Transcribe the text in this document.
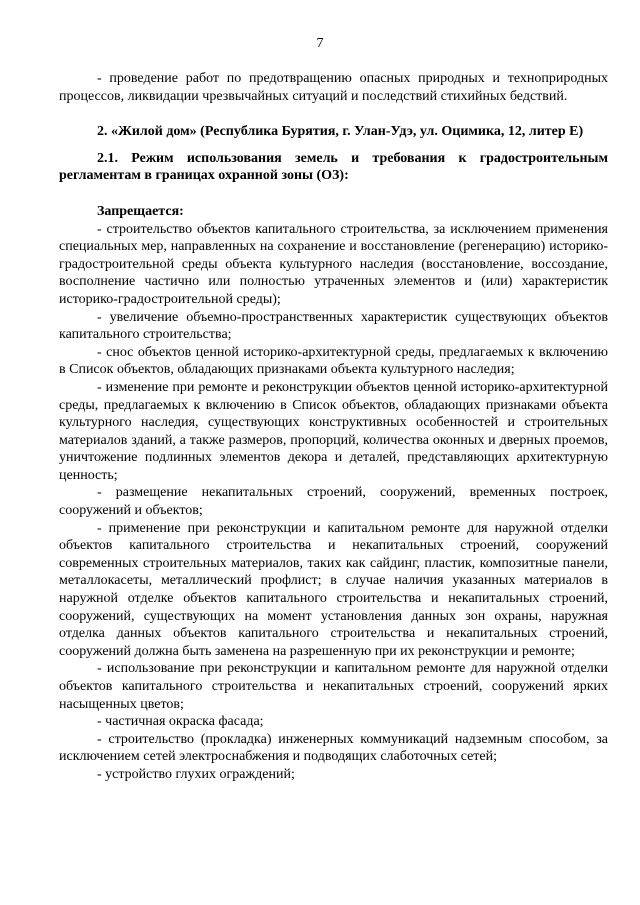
7

- проведение работ по предотвращению опасных природных и техноприродных процессов, ликвидации чрезвычайных ситуаций и последствий стихийных бедствий.

2. «Жилой дом» (Республика Бурятия, г. Улан-Удэ, ул. Оцимика, 12, литер Е)

2.1. Режим использования земель и требования к градостроительным регламентам в границах охранной зоны (ОЗ):

Запрещается:

- строительство объектов капитального строительства, за исключением применения специальных мер, направленных на сохранение и восстановление (регенерацию) историко- градостроительной среды объекта культурного наследия (восстановление, воссоздание, восполнение частично или полностью утраченных элементов и (или) характеристик историко-градостроительной среды);

- увеличение объемно-пространственных характеристик существующих объектов капитального строительства;

- снос объектов ценной историко-архитектурной среды, предлагаемых к включению в Список объектов, обладающих признаками объекта культурного наследия;

- изменение при ремонте и реконструкции объектов ценной историко-архитектурной среды, предлагаемых к включению в Список объектов, обладающих признаками объекта культурного наследия, существующих конструктивных особенностей и строительных материалов зданий, а также размеров, пропорций, количества оконных и дверных проемов, уничтожение подлинных элементов декора и деталей, представляющих архитектурную ценность;

- размещение некапитальных строений, сооружений, временных построек, сооружений и объектов;

- применение при реконструкции и капитальном ремонте для наружной отделки объектов капитального строительства и некапитальных строений, сооружений современных строительных материалов, таких как сайдинг, пластик, композитные панели, металлокасеты, металлический профлист; в случае наличия указанных материалов в наружной отделке объектов капитального строительства и некапитальных строений, сооружений, существующих на момент установления данных зон охраны, наружная отделка данных объектов капитального строительства и некапитальных строений, сооружений должна быть заменена на разрешенную при их реконструкции и ремонте;

- использование при реконструкции и капитальном ремонте для наружной отделки объектов капитального строительства и некапитальных строений, сооружений ярких насыщенных цветов;

- частичная окраска фасада;

- строительство (прокладка) инженерных коммуникаций надземным способом, за исключением сетей электроснабжения и подводящих слаботочных сетей;

- устройство глухих ограждений;
